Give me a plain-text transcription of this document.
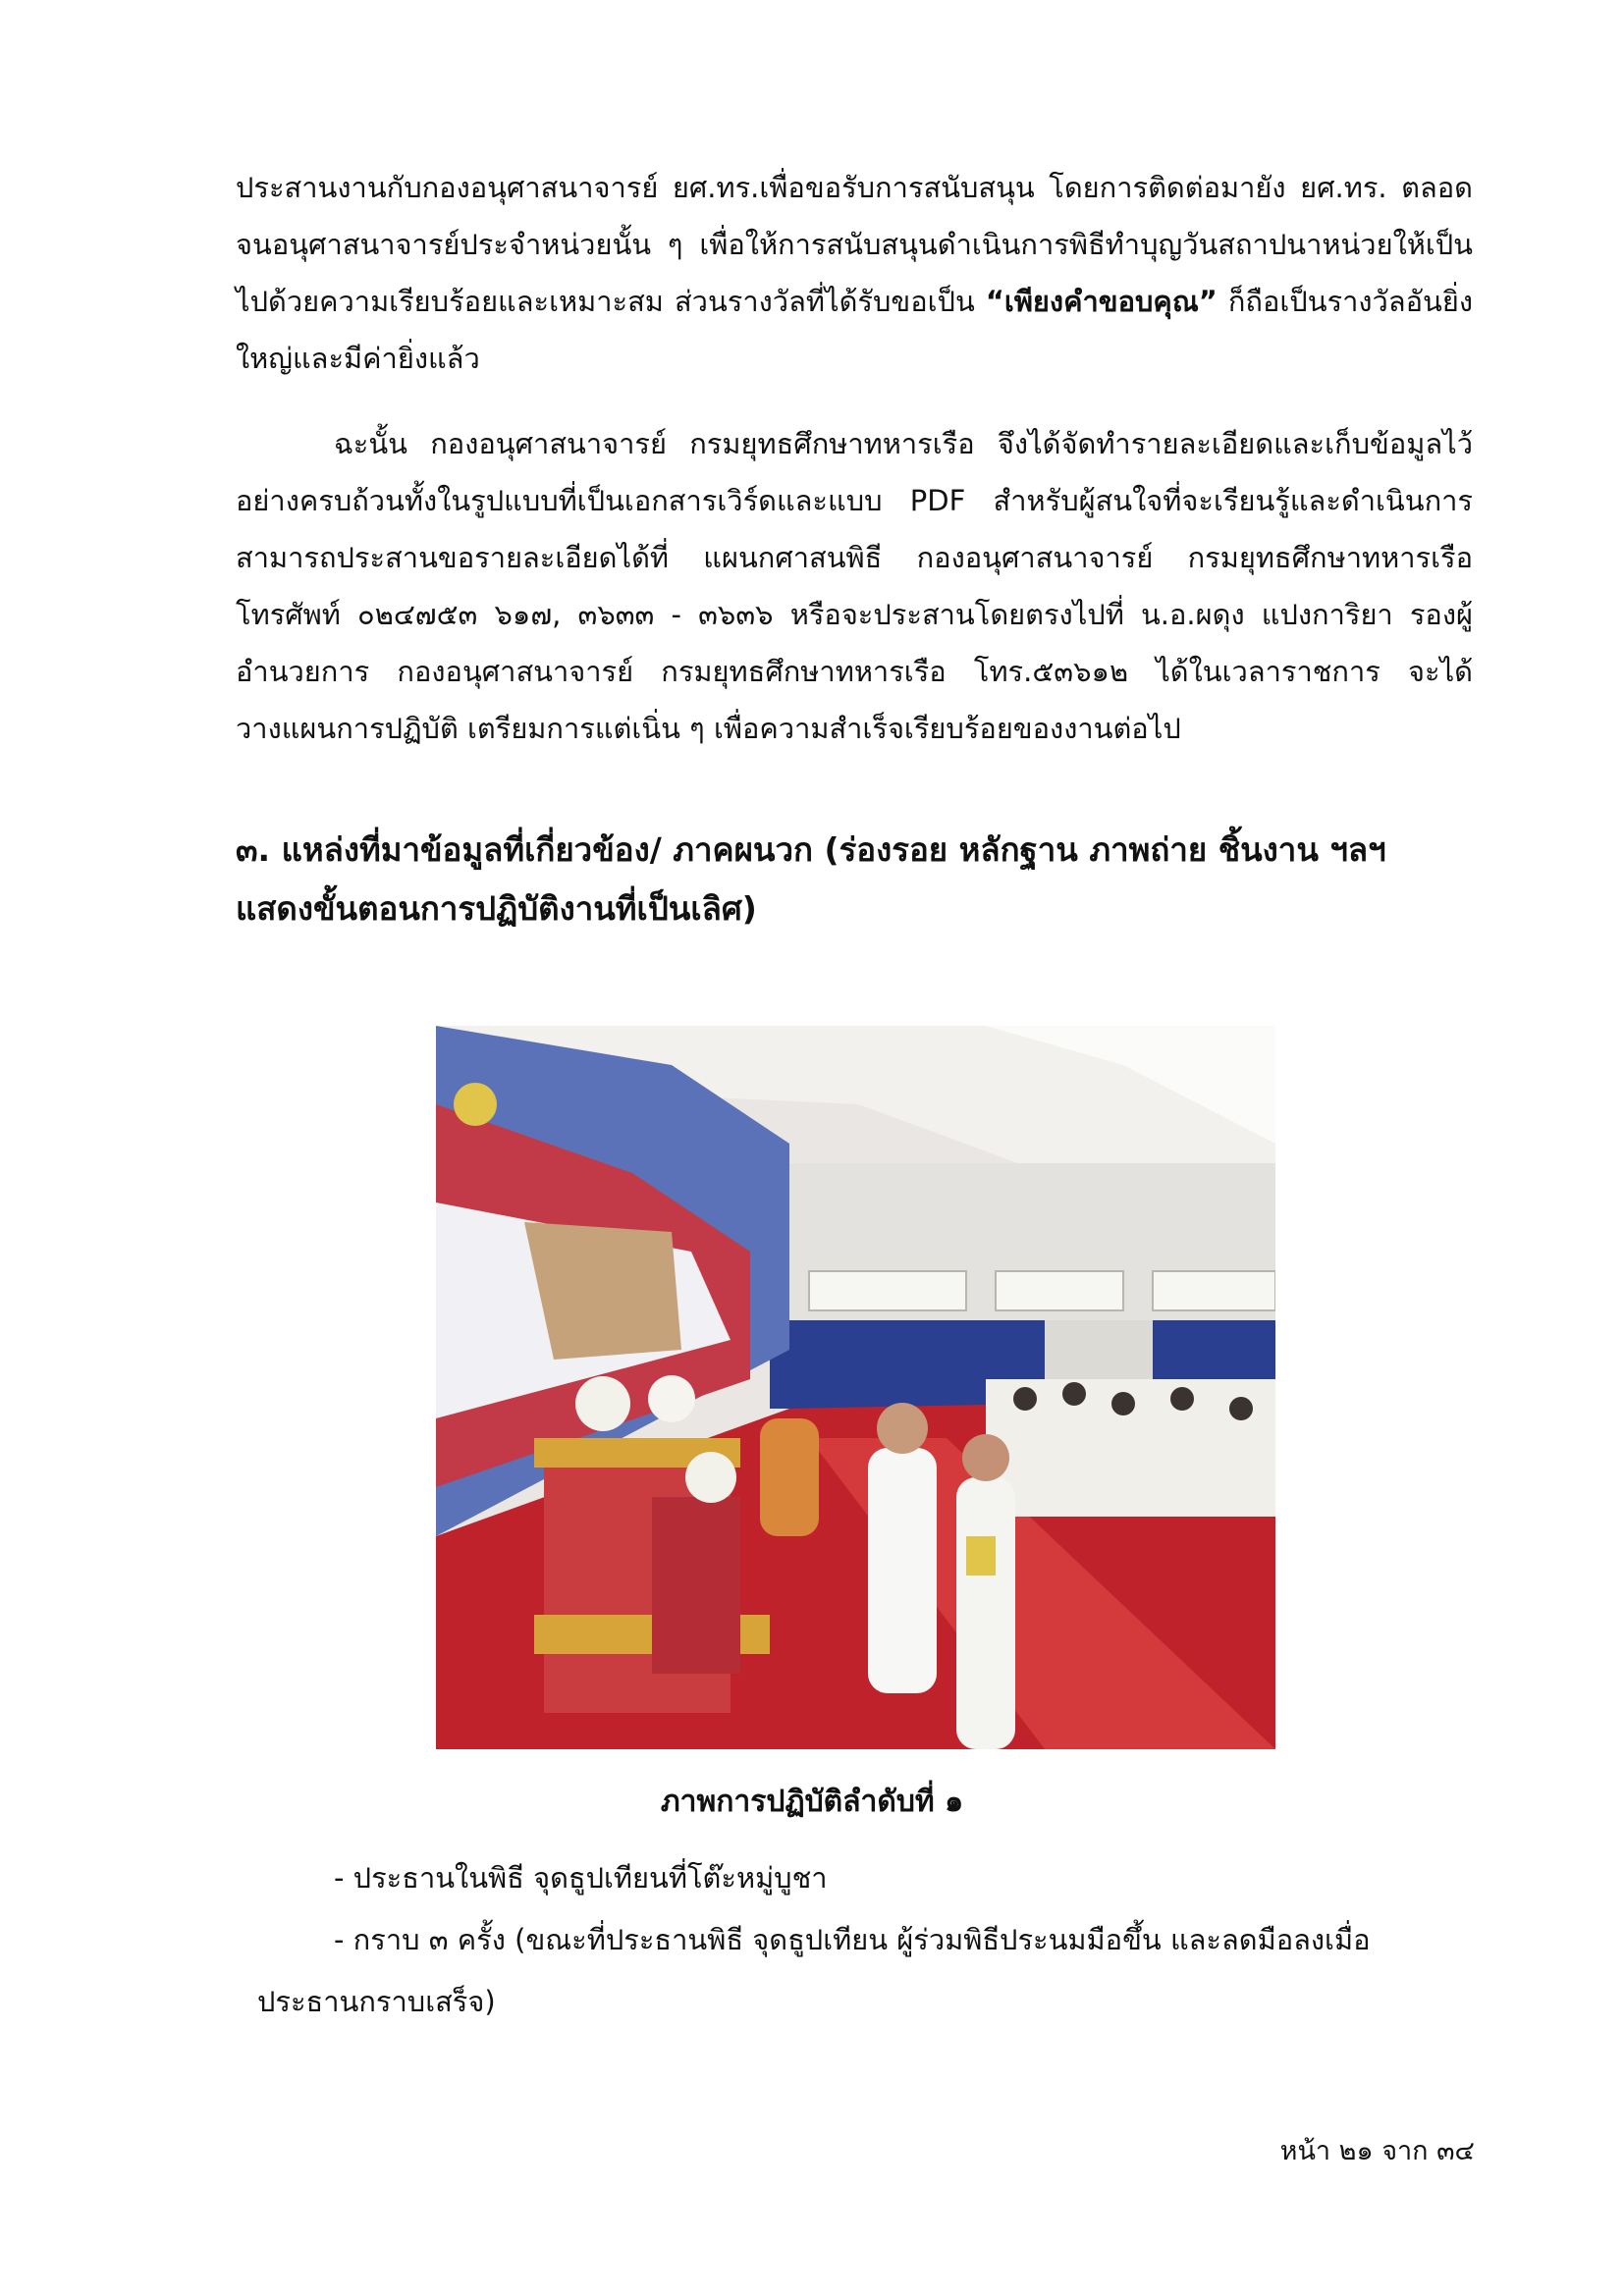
ประสานงานกับกองอนุศาสนาจารย์ ยศ.ทร.เพื่อขอรับการสนับสนุน โดยการติดต่อมายัง ยศ.ทร. ตลอดจนอนุศาสนาจารย์ประจำหน่วยนั้น ๆ เพื่อให้การสนับสนุนดำเนินการพิธีทำบุญวันสถาปนาหน่วยให้เป็นไปด้วยความเรียบร้อยและเหมาะสม ส่วนรางวัลที่ได้รับขอเป็น “เพียงคำขอบคุณ” ก็ถือเป็นรางวัลอันยิ่งใหญ่และมีค่ายิ่งแล้ว

ฉะนั้น กองอนุศาสนาจารย์ กรมยุทธศึกษาทหารเรือ จึงได้จัดทำรายละเอียดและเก็บข้อมูลไว้อย่างครบถ้วนทั้งในรูปแบบที่เป็นเอกสารเวิร์ดและแบบ PDF สำหรับผู้สนใจที่จะเรียนรู้และดำเนินการ สามารถประสานขอรายละเอียดได้ที่ แผนกศาสนพิธี กองอนุศาสนาจารย์ กรมยุทธศึกษาทหารเรือ โทรศัพท์ ๐๒๔๗๕๓ ๖๑๗, ๓๖๓๓ - ๓๖๓๖ หรือจะประสานโดยตรงไปที่ น.อ.ผดุง แปงการิยา รองผู้อำนวยการ กองอนุศาสนาจารย์ กรมยุทธศึกษาทหารเรือ โทร.๕๓๖๑๒ ได้ในเวลาราชการ จะได้วางแผนการปฏิบัติ เตรียมการแต่เนิ่น ๆ เพื่อความสำเร็จเรียบร้อยของงานต่อไป

๓. แหล่งที่มาข้อมูลที่เกี่ยวข้อง/ ภาคผนวก (ร่องรอย หลักฐาน ภาพถ่าย ชิ้นงาน ฯลฯ แสดงขั้นตอนการปฏิบัติงานที่เป็นเลิศ)

ภาพการปฏิบัติลำดับที่ ๑

- ประธานในพิธี จุดธูปเทียนที่โต๊ะหมู่บูชา

- กราบ ๓ ครั้ง (ขณะที่ประธานพิธี จุดธูปเทียน ผู้ร่วมพิธีประนมมือขึ้น และลดมือลงเมื่อ

ประธานกราบเสร็จ)

หน้า ๒๑ จาก ๓๔
